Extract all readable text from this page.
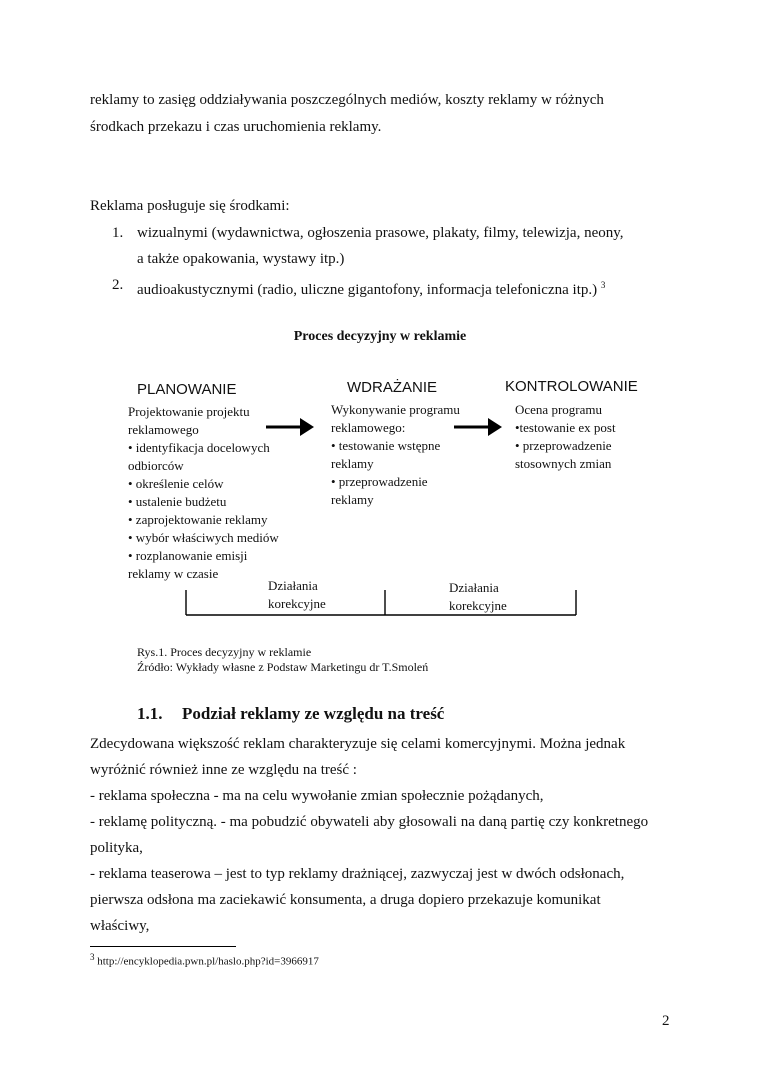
reklamy to zasięg oddziaływania poszczególnych mediów, koszty reklamy w różnych
środkach przekazu i czas uruchomienia reklamy.
Reklama posługuje się środkami:
1. wizualnymi (wydawnictwa, ogłoszenia prasowe, plakaty, filmy, telewizja, neony,
a także opakowania, wystawy itp.)
2. audioakustycznymi (radio, uliczne gigantofony, informacja telefoniczna itp.) $^3$
Proces decyzyjny w reklamie
PLANOWANIE	WDRAŻANIE	KONTROLOWANIE
Projektowanie projektu
reklamowego
• identyfikacja docelowych
odbiorców
• określenie celów
• ustalenie budżetu
• zaprojektowanie reklamy
• wybór właściwych mediów
• rozplanowanie emisji
reklamy w czasie
Wykonywanie programu
reklamowego:
• testowanie wstępne
reklamy
• przeprowadzenie
reklamy
Ocena programu
•testowanie ex post
• przeprowadzenie
stosownych zmian
Działania
korekcyjne
Działania
korekcyjne
Rys.1. Proces decyzyjny w reklamie
Źródło: Wykłady własne z Podstaw Marketingu dr T.Smoleń
1.1. Podział reklamy ze względu na treść
Zdecydowana większość reklam charakteryzuje się celami komercyjnymi. Można jednak
wyróżnić również inne ze względu na treść :
- reklama społeczna - ma na celu wywołanie zmian społecznie pożądanych,
- reklamę polityczną. - ma pobudzić obywateli aby głosowali na daną partię czy konkretnego
polityka,
- reklama teaserowa – jest to typ reklamy drażniącej, zazwyczaj jest w dwóch odsłonach,
pierwsza odsłona ma zaciekawić konsumenta, a druga dopiero przekazuje komunikat
właściwy,
$^3$ http://encyklopedia.pwn.pl/haslo.php?id=3966917
2
